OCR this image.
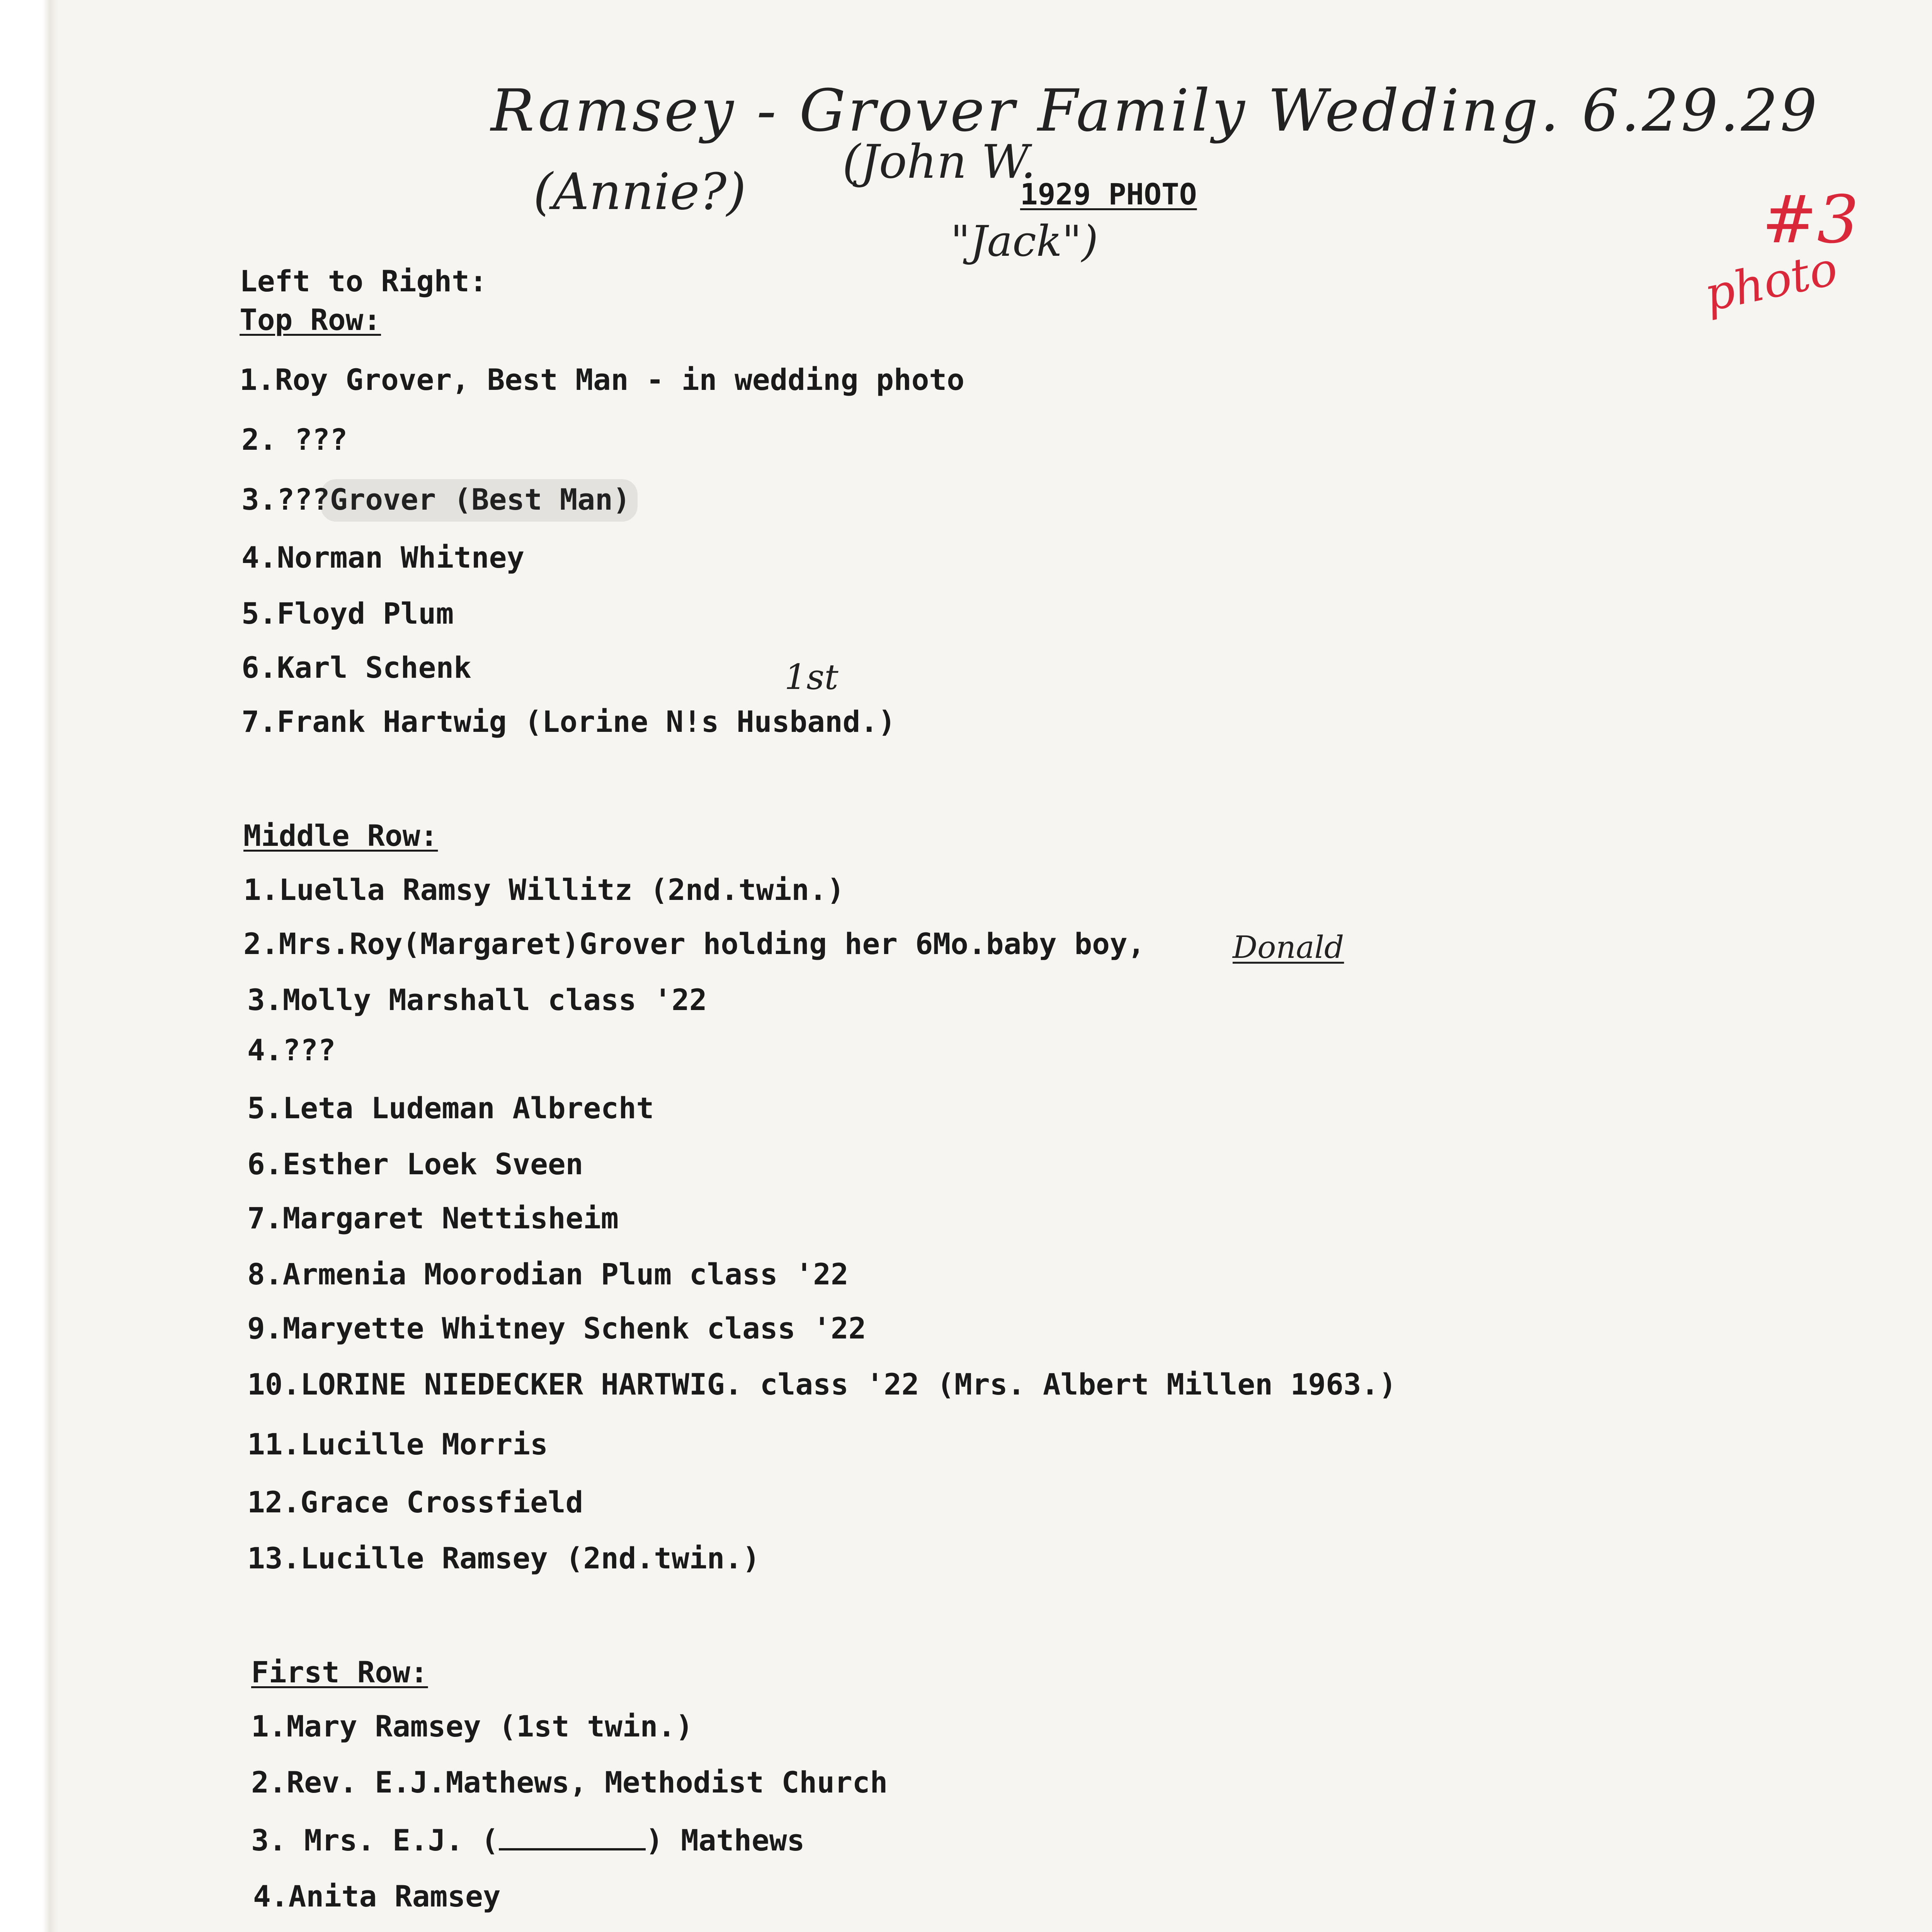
Ramsey - Grover Family Wedding. 6.29.29
(Annie?)
(John W.
"Jack")	#3
photo
1929 PHOTO
Left to Right:
Top Row:
1.Roy Grover, Best Man - in wedding photo
2. ???
3.???Grover (Best Man)
4.Norman Whitney
5.Floyd Plum
6.Karl Schenk
7.Frank Hartwig (Lorine N!s Husband.)
1st
Middle Row:
1.Luella Ramsy Willitz (2nd.twin.)
2.Mrs.Roy(Margaret)Grover holding her 6Mo.baby boy,	Donald
3.Molly Marshall class '22
4.???
5.Leta Ludeman Albrecht
6.Esther Loek Sveen
7.Margaret Nettisheim
8.Armenia Moorodian Plum class '22
9.Maryette Whitney Schenk class '22
10.LORINE NIEDECKER HARTWIG. class '22 (Mrs. Albert Millen 1963.)
11.Lucille Morris
12.Grace Crossfield
13.Lucille Ramsey (2nd.twin.)
First Row:
1.Mary Ramsey (1st twin.)
2.Rev. E.J.Mathews, Methodist Church
3. Mrs. E.J. (	) Mathews
4.Anita Ramsey
